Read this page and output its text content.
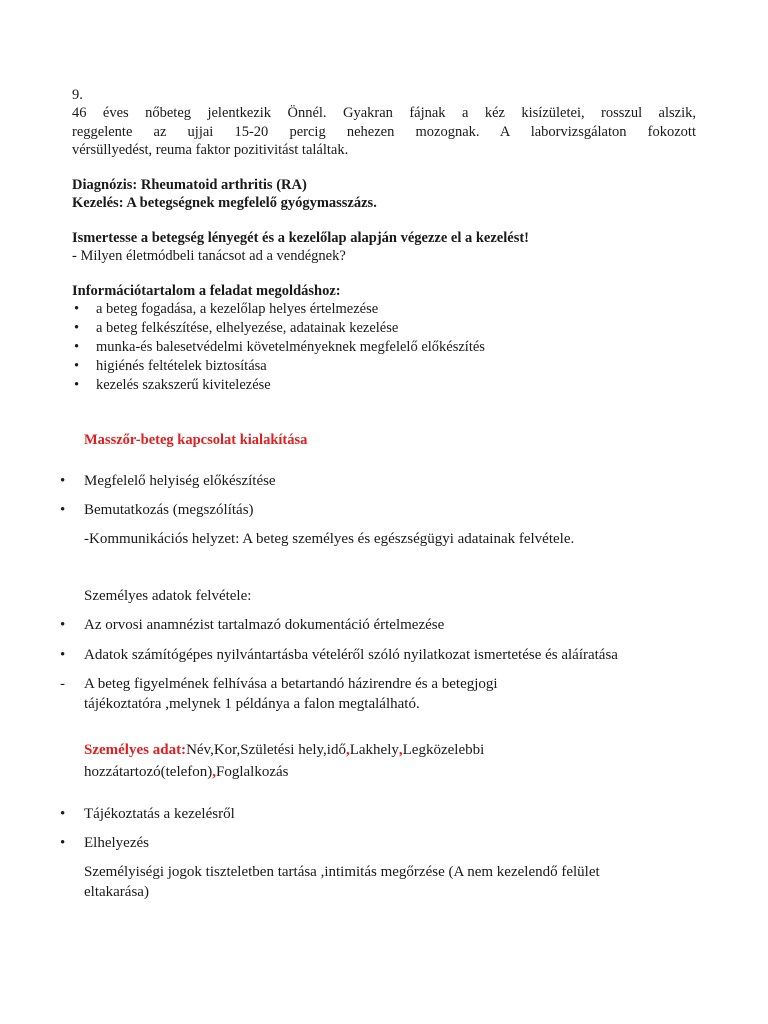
9.
46 éves nőbeteg jelentkezik Önnél. Gyakran fájnak a kéz kisízületei, rosszul alszik,
reggelente az ujjai 15-20 percig nehezen mozognak. A laborvizsgálaton fokozott
vérsüllyedést, reuma faktor pozitivitást találtak.
Diagnózis: Rheumatoid arthritis (RA)
Kezelés: A betegségnek megfelelő gyógymasszázs.
Ismertesse a betegség lényegét és a kezelőlap alapján végezze el a kezelést!
- Milyen életmódbeli tanácsot ad a vendégnek?
Információtartalom a feladat megoldáshoz:
• a beteg fogadása, a kezelőlap helyes értelmezése
• a beteg felkészítése, elhelyezése, adatainak kezelése
• munka-és balesetvédelmi követelményeknek megfelelő előkészítés
• higiénés feltételek biztosítása
• kezelés szakszerű kivitelezése
Masszőr-beteg kapcsolat kialakítása
• Megfelelő helyiség előkészítése
• Bemutatkozás (megszólítás)
-Kommunikációs helyzet: A beteg személyes és egészségügyi adatainak felvétele.
Személyes adatok felvétele:
• Az orvosi anamnézist tartalmazó dokumentáció értelmezése
• Adatok számítógépes nyilvántartásba vételéről szóló nyilatkozat ismertetése és aláíratása
- A beteg figyelmének felhívása a betartandó házirendre és a betegjogi
tájékoztatóra ,melynek 1 példánya a falon megtalálható.
Személyes adat:Név,Kor,Születési hely,idő,Lakhely,Legközelebbi
hozzátartozó(telefon),Foglalkozás
• Tájékoztatás a kezelésről
• Elhelyezés
Személyiségi jogok tiszteletben tartása ,intimitás megőrzése (A nem kezelendő felület
eltakarása)
